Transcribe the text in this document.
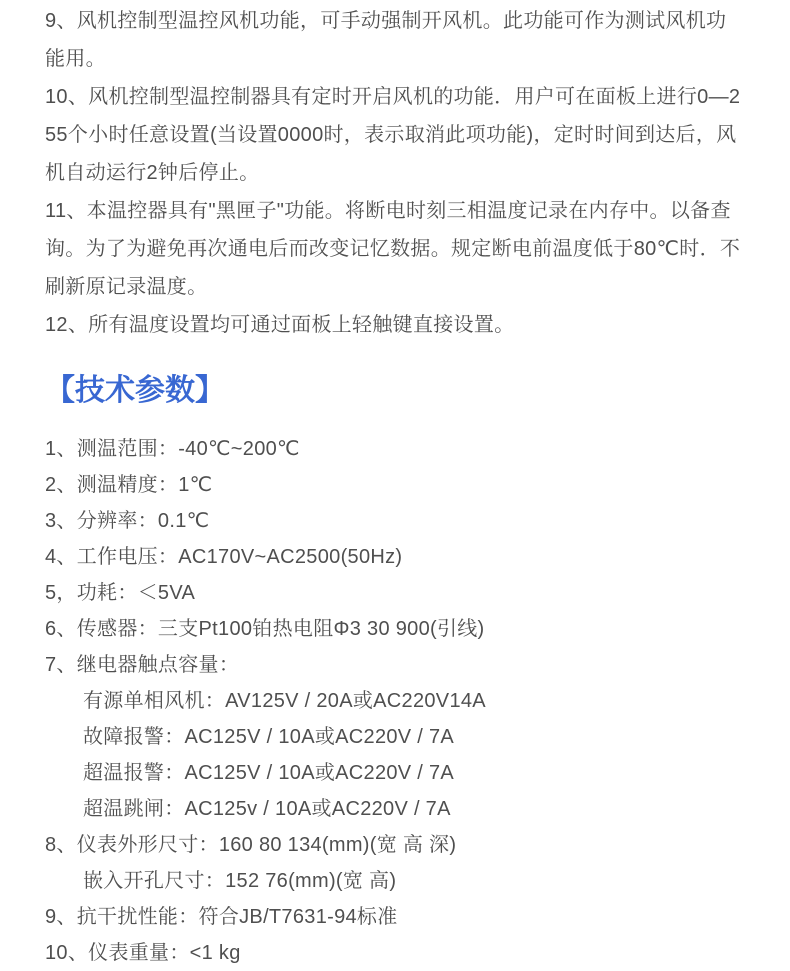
9、风机控制型温控风机功能，可手动强制开风机。此功能可作为测试风机功能用。

10、风机控制型温控制器具有定时开启风机的功能．用户可在面板上进行0—255个小时任意设置(当设置0000时，表示取消此项功能)，定时时间到达后，风机自动运行2钟后停止。

11、本温控器具有"黑匣子"功能。将断电时刻三相温度记录在内存中。以备查询。为了为避免再次通电后而改变记忆数据。规定断电前温度低于80℃时．不刷新原记录温度。

12、所有温度设置均可通过面板上轻触键直接设置。

【技术参数】

1、测温范围：-40℃~200℃

2、测温精度：1℃

3、分辨率：0.1℃

4、工作电压：AC170V~AC2500(50Hz)

5，功耗：＜5VA

6、传感器：三支Pt100铂热电阻Φ3 30 900(引线)

7、继电器触点容量：

有源单相风机：AV125V / 20A或AC220V14A

故障报警：AC125V / 10A或AC220V / 7A

超温报警：AC125V / 10A或AC220V / 7A

超温跳闸：AC125v / 10A或AC220V / 7A

8、仪表外形尺寸：160 80 134(mm)(宽 高 深)

嵌入开孔尺寸：152 76(mm)(宽 高)

9、抗干扰性能：符合JB/T7631-94标准

10、仪表重量：<1 kg
